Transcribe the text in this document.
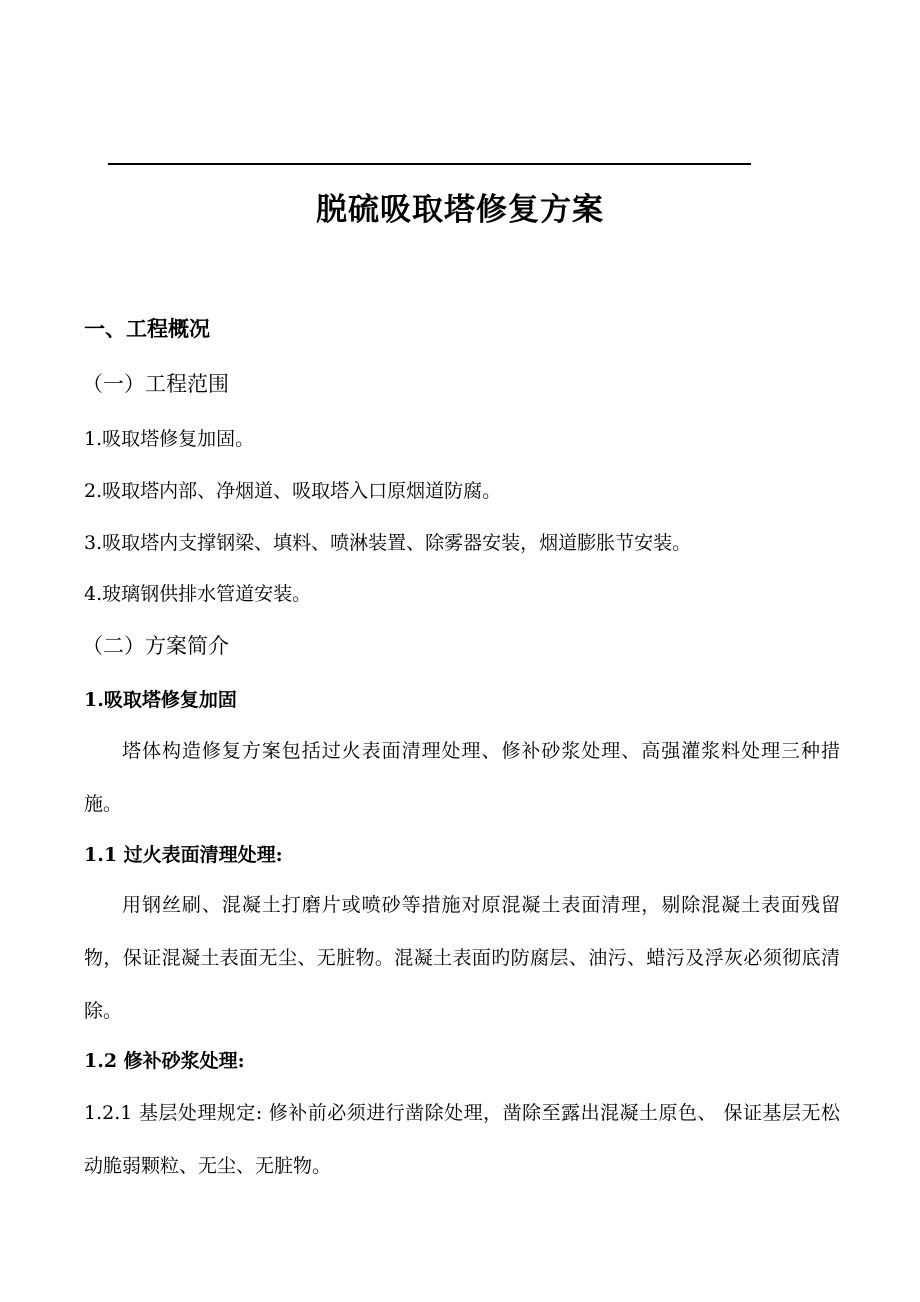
脱硫吸取塔修复方案
一、工程概况
（一）工程范围
1.吸取塔修复加固。
2.吸取塔内部、净烟道、吸取塔入口原烟道防腐。
3.吸取塔内支撑钢梁、填料、喷淋装置、除雾器安装，烟道膨胀节安装。
4.玻璃钢供排水管道安装。
（二）方案简介
1.吸取塔修复加固
塔体构造修复方案包括过火表面清理处理、修补砂浆处理、高强灌浆料处理三种措施。
1.1 过火表面清理处理:
用钢丝刷、混凝土打磨片或喷砂等措施对原混凝土表面清理，剔除混凝土表面残留物，保证混凝土表面无尘、无脏物。混凝土表面旳防腐层、油污、蜡污及浮灰必须彻底清除。
1.2 修补砂浆处理:
1.2.1 基层处理规定: 修补前必须进行凿除处理，凿除至露出混凝土原色、 保证基层无松动脆弱颗粒、无尘、无脏物。
